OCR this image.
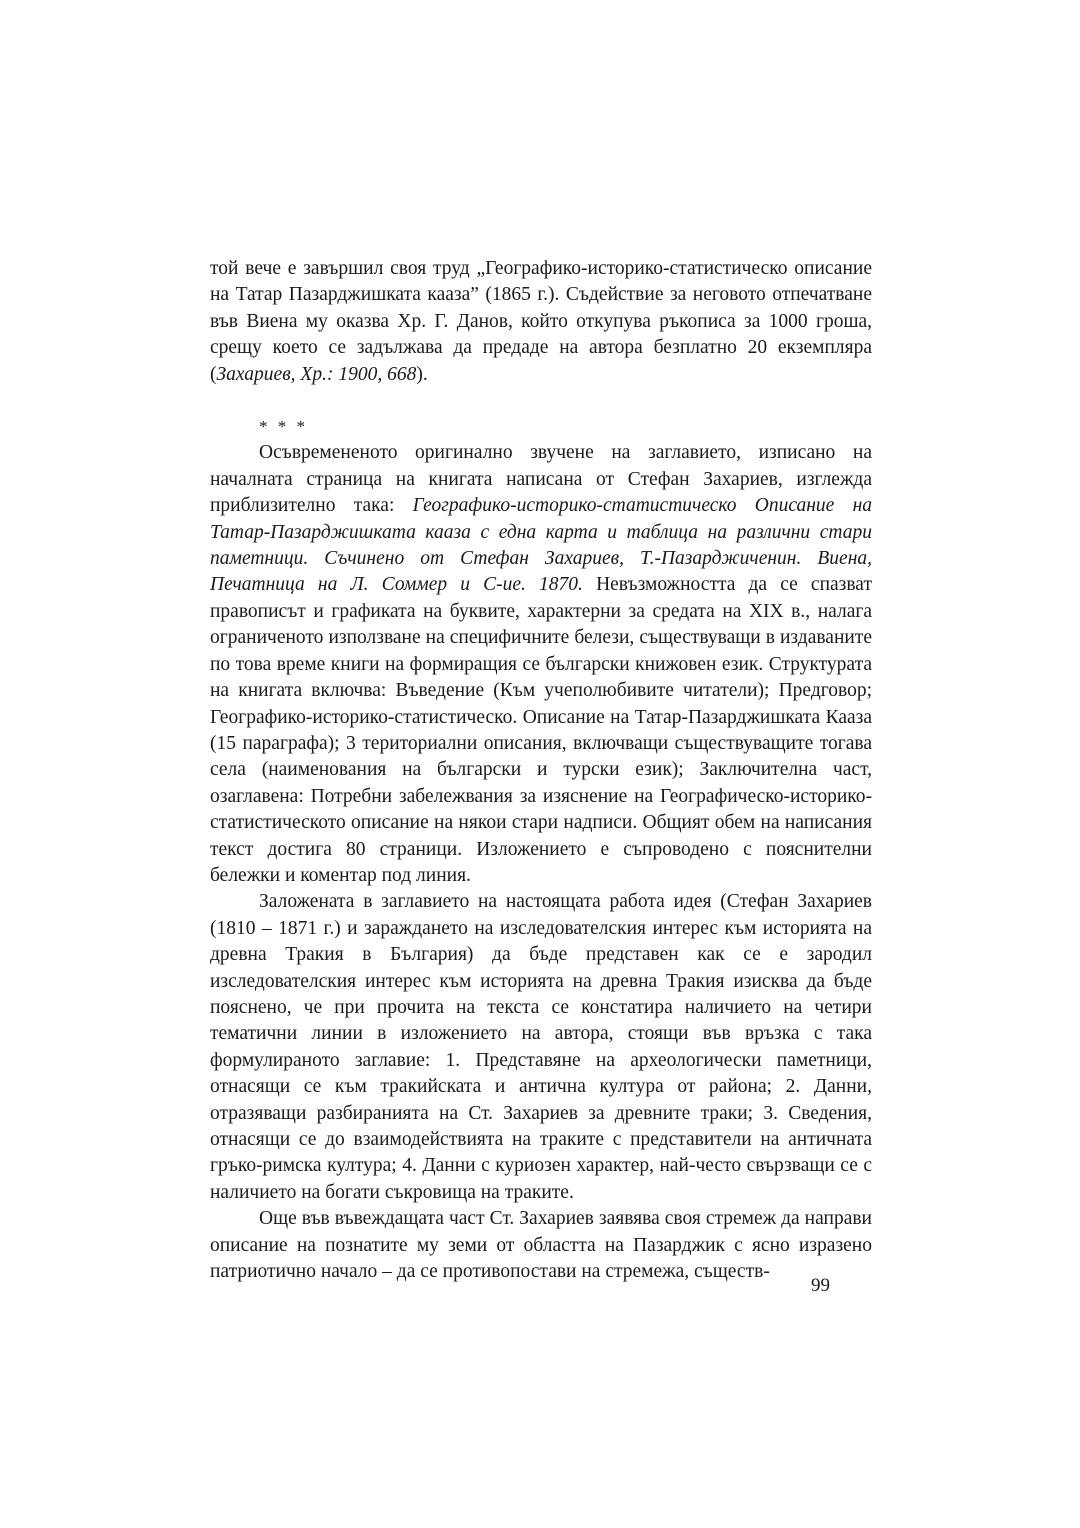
той вече е завършил своя труд „Географико-историко-статистическо описание на Татар Пазарджишката кааза” (1865 г.). Съдействие за неговото отпечатване във Виена му оказва Хр. Г. Данов, който откупува ръкописа за 1000 гроша, срещу което се задължава да предаде на автора безплатно 20 екземпляра (Захариев, Хр.: 1900, 668).

* * *

Осъвремененото оригинално звучене на заглавието, изписано на началната страница на книгата написана от Стефан Захариев, изглежда приблизително така: Географико-историко-статистическо Описание на Татар-Пазарджишката кааза с една карта и таблица на различни стари паметници. Съчинено от Стефан Захариев, Т.-Пазарджиченин. Виена, Печатница на Л. Соммер и С-ие. 1870. Невъзможността да се спазват правописът и графиката на буквите, характерни за средата на XIX в., налага ограниченото използване на специфичните белези, съществуващи в издаваните по това време книги на формиращия се български книжовен език. Структурата на книгата включва: Въведение (Към учеполюбивите читатели); Предговор; Географико-историко-статистическо. Описание на Татар-Пазарджишката Кааза (15 параграфа); 3 териториални описания, включващи съществуващите тогава села (наименования на български и турски език); Заключителна част, озаглавена: Потребни забележвания за изяснение на Географическо-историко-статистическото описание на някои стари надписи. Общият обем на написания текст достига 80 страници. Изложението е съпроводено с пояснителни бележки и коментар под линия.

Заложената в заглавието на настоящата работа идея (Стефан Захариев (1810 – 1871 г.) и зараждането на изследователския интерес към историята на древна Тракия в България) да бъде представен как се е зародил изследователския интерес към историята на древна Тракия изисква да бъде пояснено, че при прочита на текста се констатира наличието на четири тематични линии в изложението на автора, стоящи във връзка с така формулираното заглавие: 1. Представяне на археологически паметници, отнасящи се към тракийската и антична култура от района; 2. Данни, отразяващи разбиранията на Ст. Захариев за древните траки; 3. Сведения, отнасящи се до взаимодействията на траките с представители на античната гръко-римска култура; 4. Данни с куриозен характер, най-често свързващи се с наличието на богати съкровища на траките.

Още във въвеждащата част Ст. Захариев заявява своя стремеж да направи описание на познатите му земи от областта на Пазарджик с ясно изразено патриотично начало – да се противопостави на стремежа, съществ-

99
